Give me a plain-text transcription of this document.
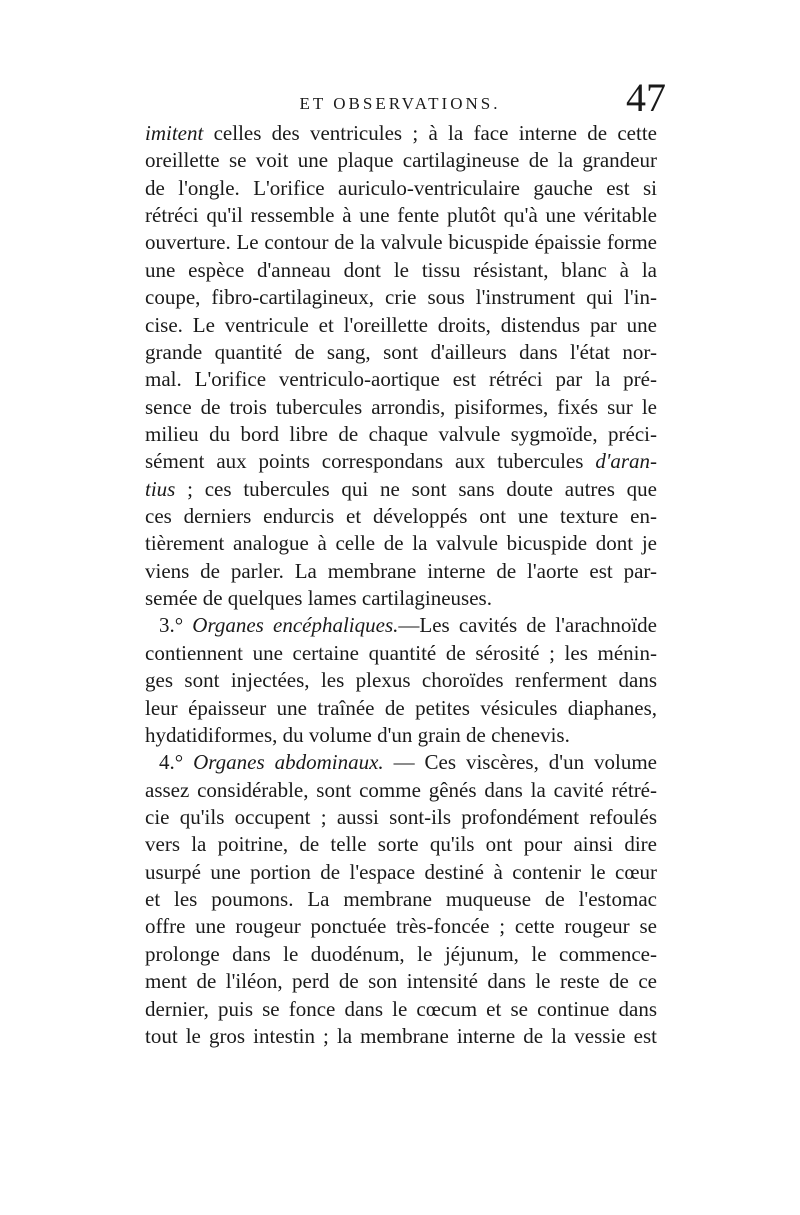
ET OBSERVATIONS.	47
imitent celles des ventricules ; à la face interne de cette
oreillette se voit une plaque cartilagineuse de la grandeur
de l'ongle. L'orifice auriculo-ventriculaire gauche est si
rétréci qu'il ressemble à une fente plutôt qu'à une véritable
ouverture. Le contour de la valvule bicuspide épaissie forme
une espèce d'anneau dont le tissu résistant, blanc à la
coupe, fibro-cartilagineux, crie sous l'instrument qui l'in-
cise. Le ventricule et l'oreillette droits, distendus par une
grande quantité de sang, sont d'ailleurs dans l'état nor-
mal. L'orifice ventriculo-aortique est rétréci par la pré-
sence de trois tubercules arrondis, pisiformes, fixés sur le
milieu du bord libre de chaque valvule sygmoïde, préci-
sément aux points correspondans aux tubercules d'aran-
tius ; ces tubercules qui ne sont sans doute autres que
ces derniers endurcis et développés ont une texture en-
tièrement analogue à celle de la valvule bicuspide dont je
viens de parler. La membrane interne de l'aorte est par-
semée de quelques lames cartilagineuses.
3.° Organes encéphaliques.—Les cavités de l'arachnoïde
contiennent une certaine quantité de sérosité ; les ménin-
ges sont injectées, les plexus choroïdes renferment dans
leur épaisseur une traînée de petites vésicules diaphanes,
hydatidiformes, du volume d'un grain de chenevis.
4.° Organes abdominaux. — Ces viscères, d'un volume
assez considérable, sont comme gênés dans la cavité rétré-
cie qu'ils occupent ; aussi sont-ils profondément refoulés
vers la poitrine, de telle sorte qu'ils ont pour ainsi dire
usurpé une portion de l'espace destiné à contenir le cœur
et les poumons. La membrane muqueuse de l'estomac
offre une rougeur ponctuée très-foncée ; cette rougeur se
prolonge dans le duodénum, le jéjunum, le commence-
ment de l'iléon, perd de son intensité dans le reste de ce
dernier, puis se fonce dans le cœcum et se continue dans
tout le gros intestin ; la membrane interne de la vessie est
